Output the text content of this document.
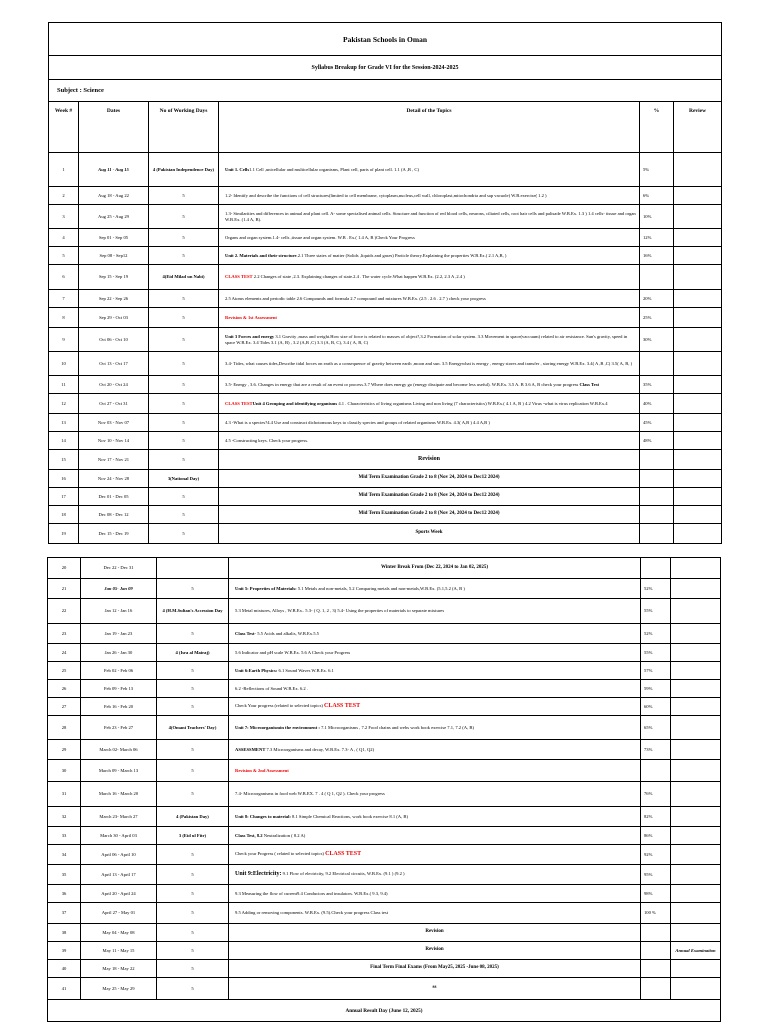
Pakistan Schools in Oman					
Syllabus Breakup for Grade VI for the Session-2024-2025					
Subject : Science					
Week #	Dates	No of Working Days	Detail of the Topics	%	Review
1	Aug 11 - Aug 15	4 (Pakistan Independence Day)	Unit 1. Cells1.1 Cell ,unicellular and multicellular organisms, Plant cell, parts of plant cell. 1.1 (A ,B , C)	5%	
2	Aug 18 - Aug 22	5	1.2- Identify and describe the functions of cell structures(limited to cell membrane, cytoplasm,nucleus,cell wall, chloroplast,mitochondria and sap vacuole) W.B.exercise( 1.2 )	6%	
3	Aug 25 - Aug 29	5	1.3- Similarities and differences in animal and plant cell. A- some specialised animal cells. Structure and function of red blood cells, neurons, ciliated cells, root hair cells and palisade W.B.Ex. 1.3 ) 1.4 cells- tissue and organ W.B.Ex. (1.4 A, B).	10%	
4	Sep 01 - Sep 05	5	Organs and organ system.1.4- cells ,tissue and organ system. W.B . Ex.( 1.4 A, B )Check Your Progress	12%	
5	Sep 08 - Sep12	5	Unit 2. Materials and their structure.2.1 Three states of matter (Solids ,liquids and gases) Particle theory.Explaining the properties W.B.Ex.( 2.1 A,B, )	16%	
6	Sep 15 - Sep 19	4(Eid Milad un Nabi)	CLASS TEST 2.2 Changes of state ,2.3. Explaining changes of state.2.4 . The water cycle.What happen W.B.Ex. (2.2, 2.3 A ,2.4 )		
7	Sep 22 - Sep 26	5	2.5 Atoms elements and periodic table 2.6 Compounds and formula 2.7 compound and mixtures W.B.Ex. (2.5 . 2.6 . 2.7 ) check your progress	20%	
8	Sep 29 - Oct 03	5	Revision & 1st Assessment	25%	
9	Oct 06 - Oct 10	5	Unit 3 Forces and energy 3.1 Gravity ,mass and weight.How size of force is related to masses of object?,3.2 Formation of solar system. 3.3 Movement in space(vaccuum) related to air resistance. Sun's gravity, speed in space W.B.Ex. 3.4 Tides 3.1 (A, B) , 3.2 (A,B ,C) 3.3 (A, B, C), 3.4 ( A, B, C)	30%	
10	Oct 13 - Oct 17	5	3.4- Tides, what causes tides,Describe tidal forces on earth as a consequence of gravity between earth ,moon and sun. 3.5 Energywhat is energy , energy stores and transfer , storing energy W.B.Ex. 3.4( A ,B ,C) 3.5( A, B, )		
11	Oct 20 - Oct 24	5	3.5- Energy , 3.6. Changes in energy that are a result of an event or process.3.7 Where does energy go (energy dissipate and become less useful). W.B.Ex. 3.5 A. B 3.6 A, B check your progress Class Test	35%	
12	Oct 27 - Oct 31	5	CLASS TESTUnit 4 Grouping and identifying organisms 4.1 . Characteristics of living organisms Living and non living (7 characteristics) W.B.Ex.( 4.1 A, B ) 4.2 Virus -what is virus replication W.B.Ex.4	40%	
13	Nov 03 - Nov 07	5	4.3 -What is a species?4.4 Use and construct dichotomous keys to classify species and groups of related organisms W.B.Ex. 4.3( A,B ) 4.4 A,B )	45%	
14	Nov 10 - Nov 14	5	4.5 -Constructing keys. Check your progress.	48%	
15	Nov 17 - Nov 21	5	Revision		
16	Nov 24 - Nov 28	3(National Day)	Mid Term Examination Grade 2 to 8 (Nov 24, 2024 to Dec12 2024)		
17	Dec 01 - Dec 05	5	Mid Term Examination Grade 2 to 8 (Nov 24, 2024 to Dec12 2024)		
18	Dec 08 - Dec 12	5	Mid Term Examination Grade 2 to 8 (Nov 24, 2024 to Dec12 2024)		
19	Dec 15 - Dec 19	5	Sports Week		
20	Dec 22 - Dec 31		Winter Break From (Dec 22, 2024 to Jan 02, 2025)		
21	Jan 05- Jan 09	5	Unit 5: Properties of Materials: 5.1 Metals and non-metals, 5.2 Comparing metals and non-metals,W.B.Ex. (5.1,5.2 (A, B )	52%	
22	Jan 12 - Jan 16	4 (H.M.Sultan's Accession Day	5.3 Metal mixtures, Alloys , W.B.Ex.. 5.3- ( Q. 1, 2 , 3) 5.4- Using the properties of materials to separate mixtures	55%	
23	Jan 19 - Jan 23	5	Class Test- 5.5 Acids and alkalis, W.B.Ex.5.5	52%	
24	Jan 26 - Jan 30	4 (Isra al Mairaj)	5.6 Indicator and pH scale W.B.Ex. 5.6 A Check your Progress	55%	
25	Feb 02 - Feb 06	5	Unit 6:Earth Physics: 6.1 Sound Waves W.B.Ex. 6.1	57%	
26	Feb 09 - Feb 13	5	6.2 -Reflections of Sound W.B.Ex. 6.2 .	59%	
27	Feb 16 - Feb 20	5	Check Your progress (related to selected topics) CLASS TEST	60%	
28	Feb 23 - Feb 27	4(Omani Teachers' Day)	Unit 7: Microorganismin the environment : 7.1 Microorganisms , 7.2 Food chains and webs work book exercise 7.1, 7.2 (A, B)	65%	
29	March 02- March 06	5	ASSESSMENT 7.3 Microorganisms and decay, W.B.Ex. 7.3- A , ( Q1, Q2)	73%	
30	March 09 - March 13	5	Revision & 2nd Assessment		
31	March 16 - March 20	5	7.4- Microorganisms in food web W.B.EX. 7 . 4 ( Q 1, Q2 ). Check your progress	76%	
32	March 23- March 27	4 (Pakistan Day)	Unit 8: Changes to material: 8.1 Simple Chemical Reactions, work book exercise 8.1 (A, B)	82%	
33	March 30 - April 03	3 (Eid ul Fitr)	Class Test, 8.2 Neutralization ( 8.2 A)	86%	
34	April 06 - April 10	5	Check your Progress ( related to selected topics) CLASS TEST	92%	
35	April 13 - April 17	5	Unit 9:Electricity: 9.1 Flow of electricity, 9.2 Electrical circuits, W.B.Ex. (9.1 ) (9.2 )	95%	
36	April 20 - April 24	5	9.3 Measuring the flow of current9.4 Conductors and insulators. W.B.Ex.( 9.3, 9.4)	98%	
37	April 27 - May 01	5	9.5 Adding or removing components. W.B.Ex. (9.5).Check your progress Class test	100 %	
38	May 04 - May 08	5	Revision		
39	May 11 - May 15	5	Revision		Annual Examination
40	May 18 - May 22	5	Final Term Final Exams (From May25, 2025 -June 08, 2025)		
41	May 25 - May 29	5	ss		
Annual Result Day (June 12, 2025)					
